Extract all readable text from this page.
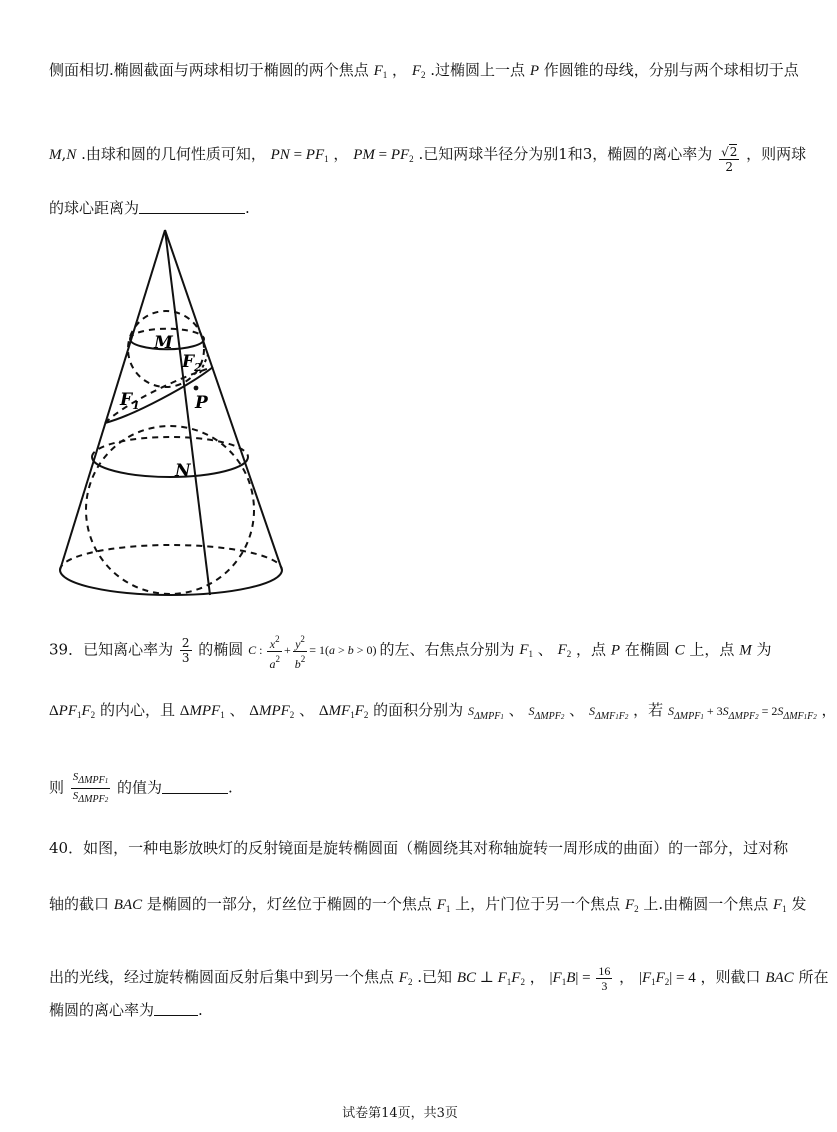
侧面相切.椭圆截面与两球相切于椭圆的两个焦点 $F_1$ ， $F_2$ .过椭圆上一点 P 作圆锥的母线，分别与两个球相切于点
M,N .由球和圆的几何性质可知， PN = $PF_1$ ， PM = $PF_2$ .已知两球半径分为别1和3，椭圆的离心率为 $\frac{√2}{2}$ ，则两球
的球心距离为	.
M
$F_2$
$F_1$	P
N
39．已知离心率为 $\frac{2}{3}$ 的椭圆 C : $\frac{x^2}{a^2} + \frac{y^2}{b^2} = 1(a > b > 0)$ 的左、右焦点分别为 $F_1$ 、 $F_2$ ，点 P 在椭圆 C 上，点 M 为
$\Delta PF_1F_2$ 的内心，且 $\Delta MPF_1$ 、 $\Delta MPF_2$ 、 $\Delta MF_1F_2$ 的面积分别为 $S_{\Delta MPF1}$ 、 $S_{\Delta MPF2}$ 、 $S_{\Delta MF1F2}$ ，若 $S_{\Delta MPF1} + 3S_{\Delta MPF2} = 2S_{\Delta MF1F2}$ ，
则 $\frac{\text{SΔMPF1}}{\text{SΔMPF2}}$ 的值为	.
40．如图，一种电影放映灯的反射镜面是旋转椭圆面（椭圆绕其对称轴旋转一周形成的曲面）的一部分，过对称
轴的截口 BAC 是椭圆的一部分，灯丝位于椭圆的一个焦点 $F_1$ 上，片门位于另一个焦点 $F_2$ 上.由椭圆一个焦点 $F_1$ 发
出的光线，经过旋转椭圆面反射后集中到另一个焦点 $F_2$ .已知 BC ⊥ $F_1F_2$ ， $|F_1B| = \frac{16}{3}$ ， $|F_1F_2| = 4$ ，则截口 BAC 所在
椭圆的离心率为	.
试卷第14页，共3页
